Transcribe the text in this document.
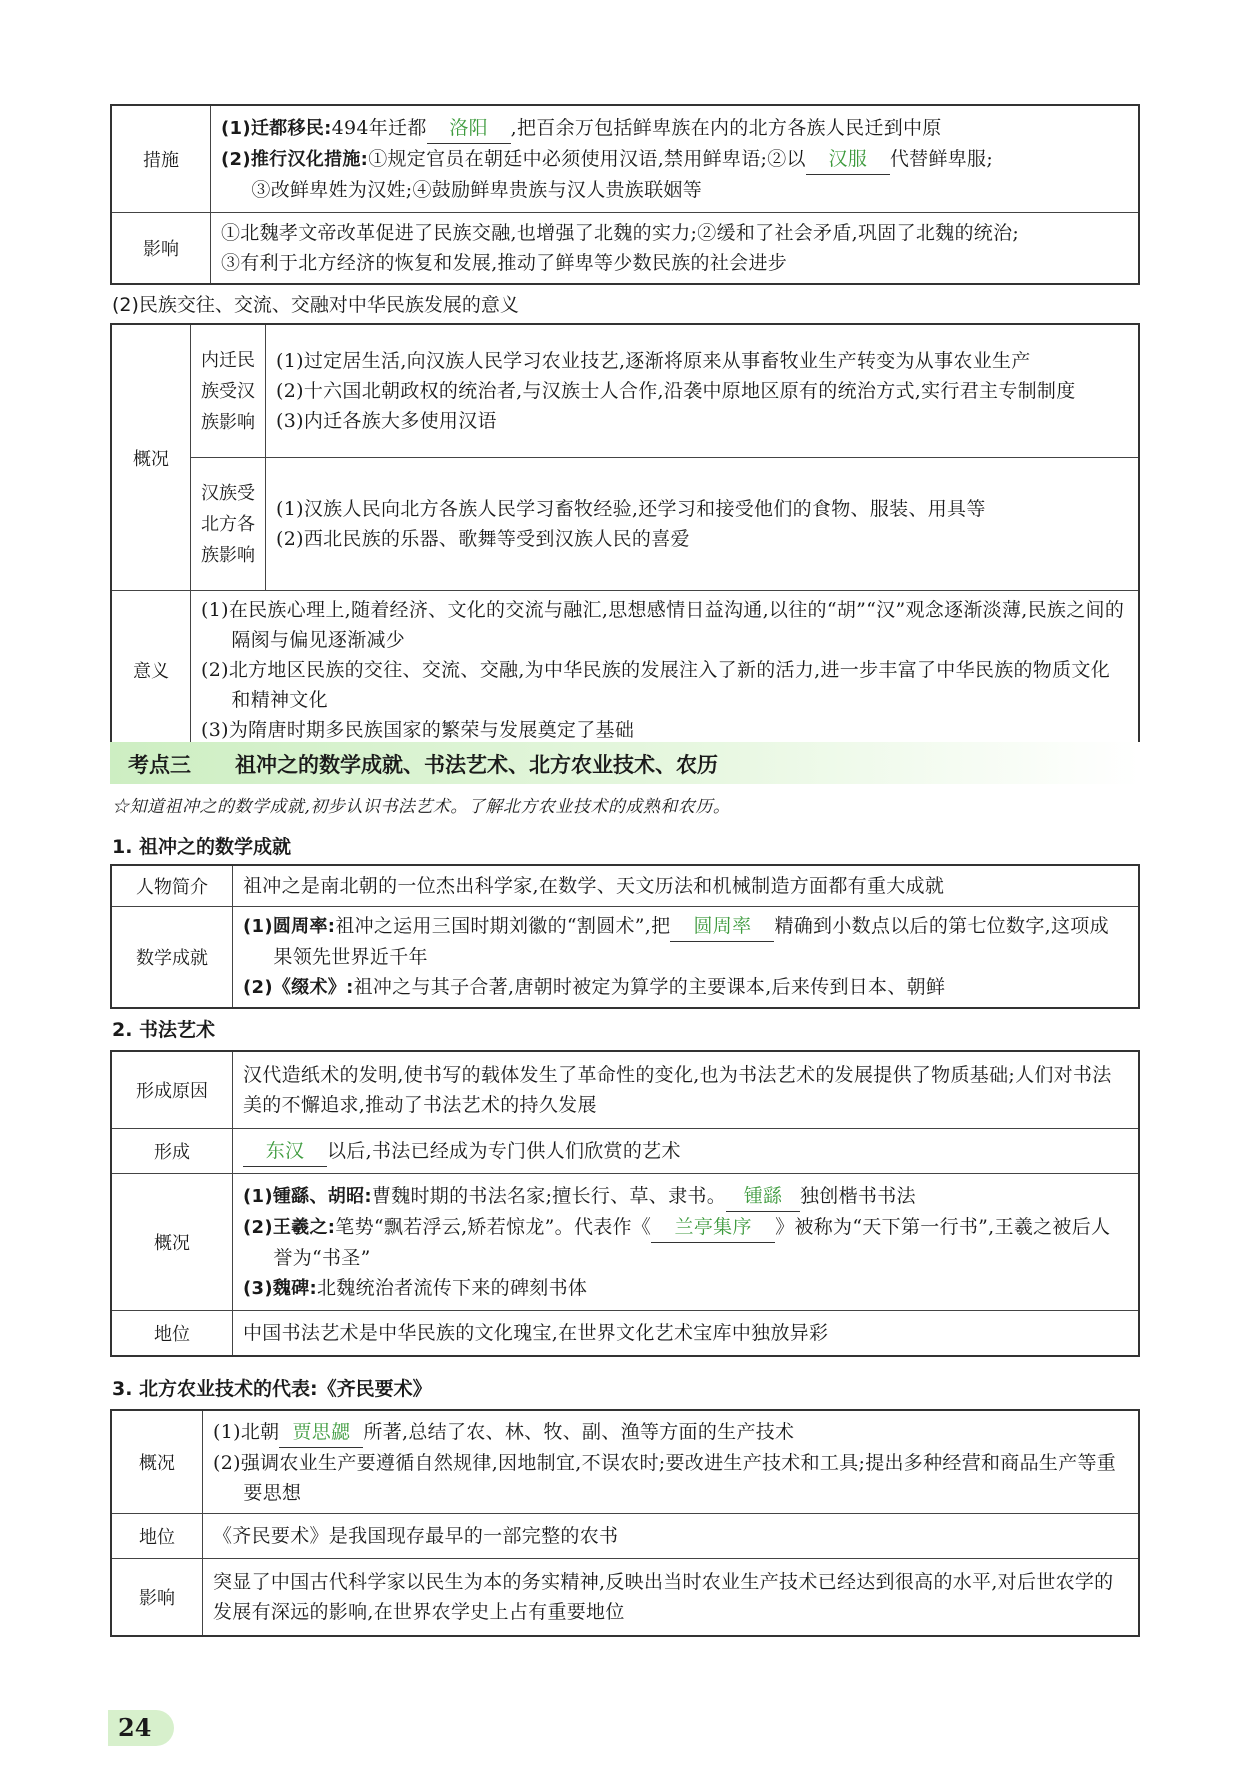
措施	(1)迁都移民:494年迁都 洛阳 ,把百余万包括鲜卑族在内的北方各族人民迁到中原

(2)推行汉化措施:①规定官员在朝廷中必须使用汉语,禁用鲜卑语;②以 汉服 代替鲜卑服;

③改鲜卑姓为汉姓;④鼓励鲜卑贵族与汉人贵族联姻等

影响	①北魏孝文帝改革促进了民族交融,也增强了北魏的实力;②缓和了社会矛盾,巩固了北魏的统治;

③有利于北方经济的恢复和发展,推动了鲜卑等少数民族的社会进步

(2)民族交往、交流、交融对中华民族发展的意义
概况	内迁民族受汉族影响	(1)过定居生活,向汉族人民学习农业技艺,逐渐将原来从事畜牧业生产转变为从事农业生产

(2)十六国北朝政权的统治者,与汉族士人合作,沿袭中原地区原有的统治方式,实行君主专制制度

(3)内迁各族大多使用汉语

	汉族受北方各族影响	(1)汉族人民向北方各族人民学习畜牧经验,还学习和接受他们的食物、服装、用具等

(2)西北民族的乐器、歌舞等受到汉族人民的喜爱

意义	(1)在民族心理上,随着经济、文化的交流与融汇,思想感情日益沟通,以往的“胡”“汉”观念逐渐淡薄,民族之间的隔阂与偏见逐渐减少

(2)北方地区民族的交往、交流、交融,为中华民族的发展注入了新的活力,进一步丰富了中华民族的物质文化和精神文化

(3)为隋唐时期多民族国家的繁荣与发展奠定了基础	

考点三 祖冲之的数学成就、书法艺术、北方农业技术、农历
☆知道祖冲之的数学成就,初步认识书法艺术。了解北方农业技术的成熟和农历。
1. 祖冲之的数学成就
人物简介	祖冲之是南北朝的一位杰出科学家,在数学、天文历法和机械制造方面都有重大成就

数学成就	(1)圆周率:祖冲之运用三国时期刘徽的“割圆术”,把 圆周率 精确到小数点以后的第七位数字,这项成果领先世界近千年

(2)《缀术》:祖冲之与其子合著,唐朝时被定为算学的主要课本,后来传到日本、朝鲜

2. 书法艺术
形成原因	汉代造纸术的发明,使书写的载体发生了革命性的变化,也为书法艺术的发展提供了物质基础;人们对书法美的不懈追求,推动了书法艺术的持久发展

形成	东汉 以后,书法已经成为专门供人们欣赏的艺术

概况	(1)锺繇、胡昭:曹魏时期的书法名家;擅长行、草、隶书。 锺繇 独创楷书书法

(2)王羲之:笔势“飘若浮云,矫若惊龙”。代表作《 兰亭集序 》被称为“天下第一行书”,王羲之被后人誉为“书圣”

(3)魏碑:北魏统治者流传下来的碑刻书体

地位	中国书法艺术是中华民族的文化瑰宝,在世界文化艺术宝库中独放异彩

3. 北方农业技术的代表:《齐民要术》
概况	(1)北朝 贾思勰 所著,总结了农、林、牧、副、渔等方面的生产技术

(2)强调农业生产要遵循自然规律,因地制宜,不误农时;要改进生产技术和工具;提出多种经营和商品生产等重要思想

地位	《齐民要术》是我国现存最早的一部完整的农书

影响	突显了中国古代科学家以民生为本的务实精神,反映出当时农业生产技术已经达到很高的水平,对后世农学的发展有深远的影响,在世界农学史上占有重要地位

24
